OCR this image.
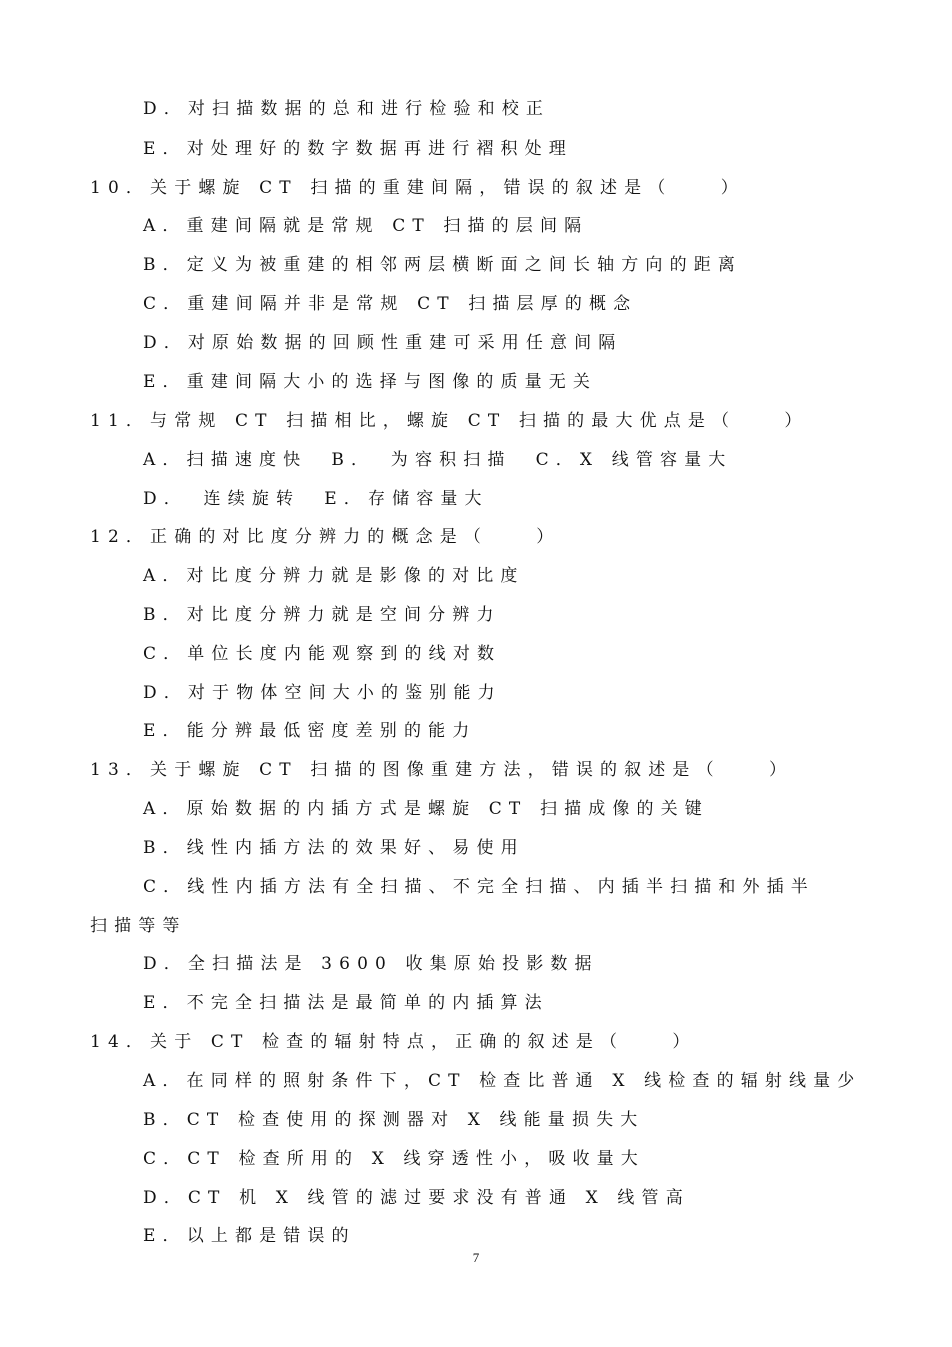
D．对扫描数据的总和进行检验和校正
E．对处理好的数字数据再进行褶积处理
10．关于螺旋 CT 扫描的重建间隔，错误的叙述是（　　）
A．重建间隔就是常规 CT 扫描的层间隔
B．定义为被重建的相邻两层横断面之间长轴方向的距离
C．重建间隔并非是常规 CT 扫描层厚的概念
D．对原始数据的回顾性重建可采用任意间隔
E．重建间隔大小的选择与图像的质量无关
11．与常规 CT 扫描相比，螺旋 CT 扫描的最大优点是（　　）
A．扫描速度快　B．　为容积扫描　C．X 线管容量大
D．　连续旋转　E．存储容量大
12．正确的对比度分辨力的概念是（　　）
A．对比度分辨力就是影像的对比度
B．对比度分辨力就是空间分辨力
C．单位长度内能观察到的线对数
D．对于物体空间大小的鉴别能力
E．能分辨最低密度差别的能力
13．关于螺旋 CT 扫描的图像重建方法，错误的叙述是（　　）
A．原始数据的内插方式是螺旋 CT 扫描成像的关键
B．线性内插方法的效果好、易使用
C．线性内插方法有全扫描、不完全扫描、内插半扫描和外插半
扫描等等
D．全扫描法是 3600 收集原始投影数据
E．不完全扫描法是最简单的内插算法
14．关于 CT 检查的辐射特点，正确的叙述是（　　）
A．在同样的照射条件下，CT 检查比普通 X 线检查的辐射线量少
B．CT 检查使用的探测器对 X 线能量损失大
C．CT 检查所用的 X 线穿透性小，吸收量大
D．CT 机 X 线管的滤过要求没有普通 X 线管高
E．以上都是错误的
7
